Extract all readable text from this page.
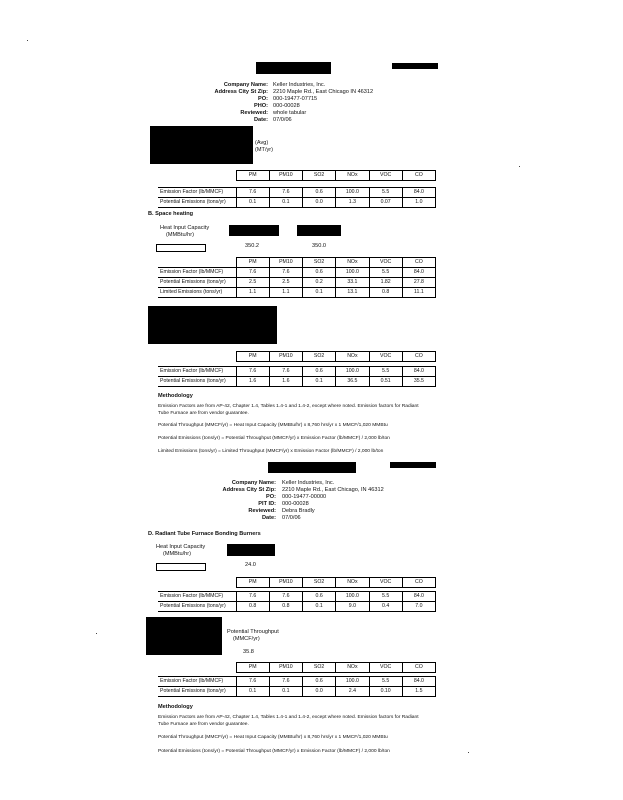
Company Name: Keller Industries, Inc.
Address City St Zip: 2210 Maple Rd., East Chicago IN 46312
PO: 000-19477-07715
PHO: 000-00028
Reviewed: whole tabular
Date: 07/0/06
(Avg)
(MT/yr)
	PM	PM10	SO2	NOx	VOC	CO

Emission Factor (lb/MMCF)	7.6	7.6	0.6	100.0	5.5	84.0
Potential Emissions (tons/yr)	0.1	0.1	0.0	1.3	0.07	1.0
B. Space heating
Heat Input Capacity
(MMBtu/hr)
350.2	350.0
	PM	PM10	SO2	NOx	VOC	CO
Emission Factor (lb/MMCF)	7.6	7.6	0.6	100.0	5.5	84.0
Potential Emissions (tons/yr)	2.5	2.5	0.2	33.1	1.82	27.8
Limited Emissions (tons/yr)	1.1	1.1	0.1	13.1	0.8	11.1
	PM	PM10	SO2	NOx	VOC	CO

Emission Factor (lb/MMCF)	7.6	7.6	0.6	100.0	5.5	84.0
Potential Emissions (tons/yr)	1.6	1.6	0.1	36.5	0.51	35.5
Methodology
Emission Factors are from AP-42, Chapter 1.4, Tables 1.4-1 and 1.4-2, except where noted. Emission factors for Radiant
Tube Furnace are from vendor guarantee.
Potential Throughput (MMCF/yr) = Heat Input Capacity (MMBtu/hr) x 8,760 hrs/yr x 1 MMCF/1,020 MMBtu
Potential Emissions (tons/yr) = Potential Throughput (MMCF/yr) x Emission Factor (lb/MMCF) / 2,000 lb/ton
Limited Emissions (tons/yr) = Limited Throughput (MMCF/yr) x Emission Factor (lb/MMCF) / 2,000 lb/ton
Company Name: Keller Industries, Inc.
Address City St Zip: 2210 Maple Rd., East Chicago, IN 46312
PO: 000-19477-00000
PIT ID: 000-00028
Reviewed: Debra Bradly
Date: 07/0/06
D. Radiant Tube Furnace Bonding Burners
Heat Input Capacity
(MMBtu/hr)
24.0
	PM	PM10	SO2	NOx	VOC	CO

Emission Factor (lb/MMCF)	7.6	7.6	0.6	100.0	5.5	84.0
Potential Emissions (tons/yr)	0.8	0.8	0.1	9.0	0.4	7.0
Potential Throughput
(MMCF/yr)
35.8
	PM	PM10	SO2	NOx	VOC	CO

Emission Factor (lb/MMCF)	7.6	7.6	0.6	100.0	5.5	84.0
Potential Emissions (tons/yr)	0.1	0.1	0.0	2.4	0.10	1.5
Methodology
Emission Factors are from AP-42, Chapter 1.4, Tables 1.4-1 and 1.4-2, except where noted. Emission factors for Radiant
Tube Furnace are from vendor guarantee.
Potential Throughput (MMCF/yr) = Heat Input Capacity (MMBtu/hr) x 8,760 hrs/yr x 1 MMCF/1,020 MMBtu
Potential Emissions (tons/yr) = Potential Throughput (MMCF/yr) x Emission Factor (lb/MMCF) / 2,000 lb/ton
